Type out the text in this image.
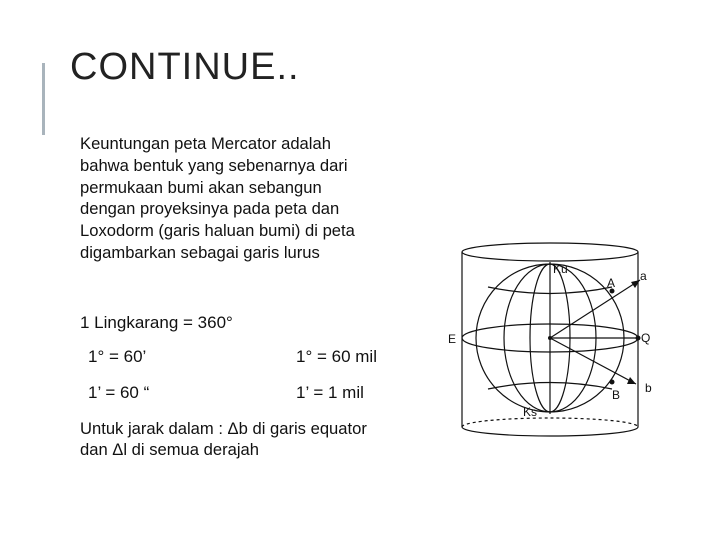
CONTINUE..
Keuntungan peta Mercator adalah
bahwa bentuk yang sebenarnya dari
permukaan bumi akan sebangun
dengan proyeksinya pada peta dan
Loxodorm (garis haluan bumi) di peta
digambarkan sebagai garis lurus
1 Lingkarang = 360°
1° = 60’	1° = 60 mil
1’ = 60 “	1’ = 1 mil
Untuk jarak dalam : Δb di garis equator
dan Δl di semua derajah
Ku
Ks
A a
E	Q
B b
